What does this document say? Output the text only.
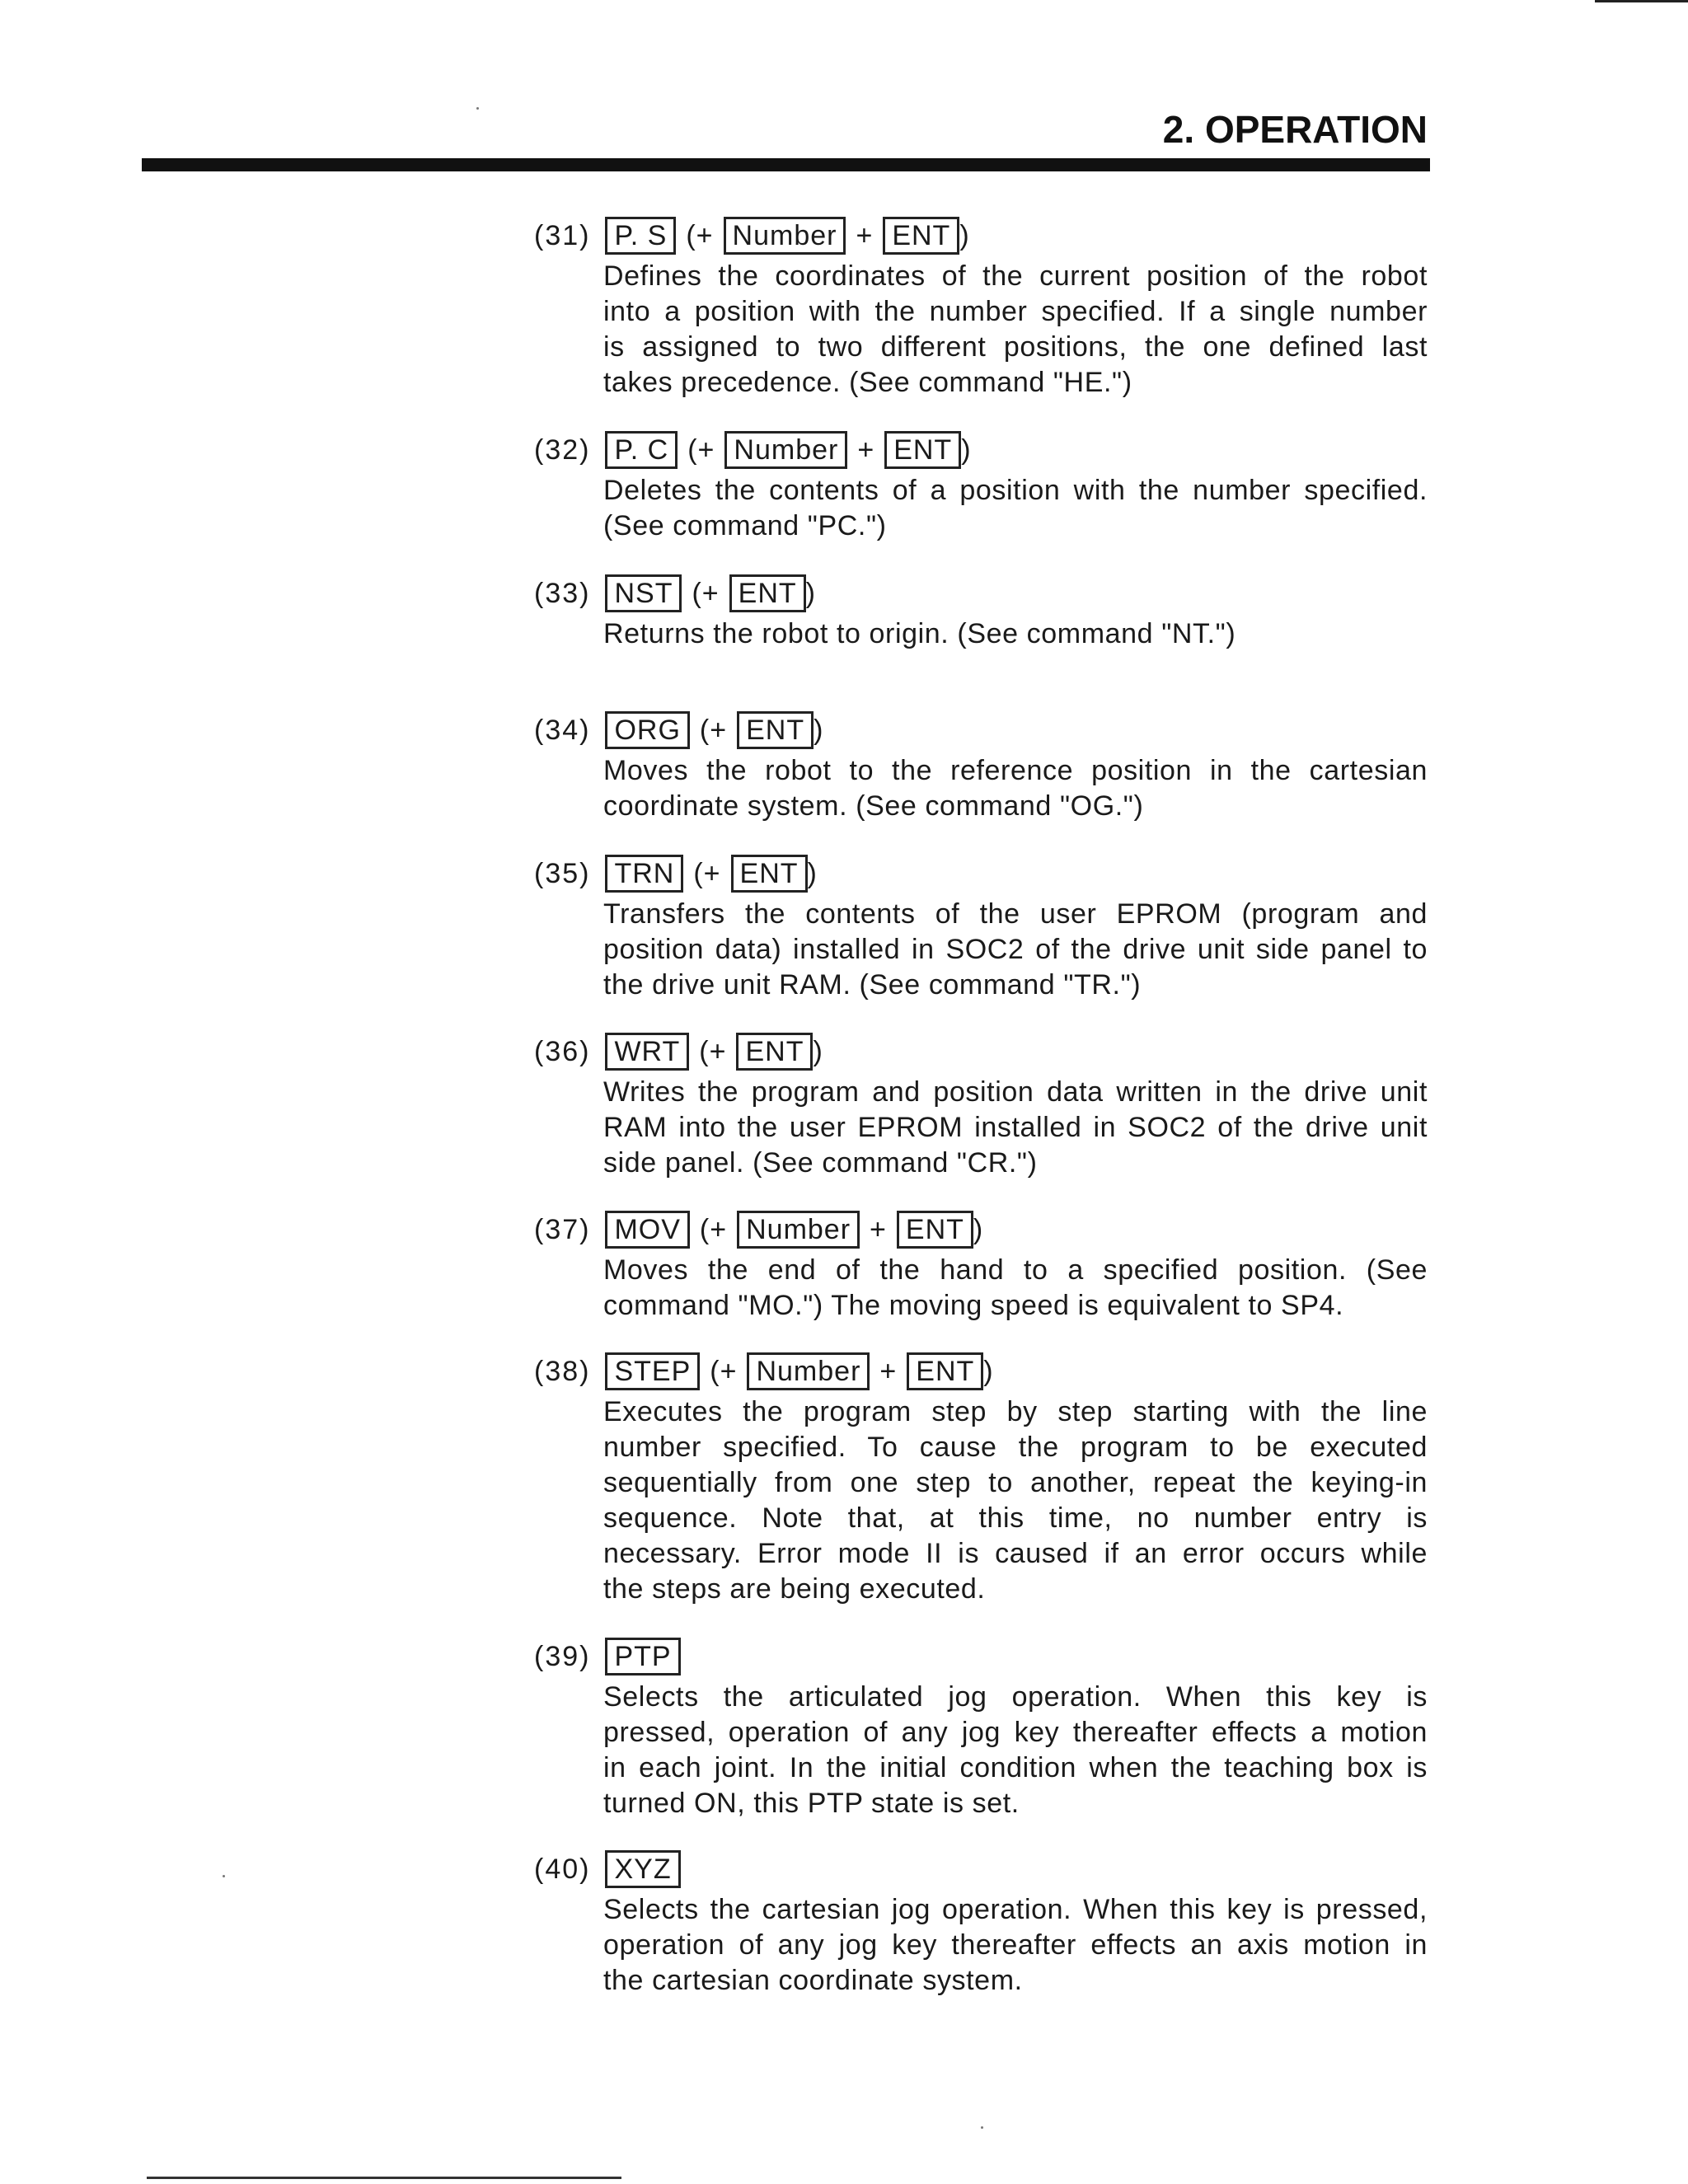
2. OPERATION
(31) P. S (+ Number + ENT )
Defines the coordinates of the current position of the robot
into a position with the number specified. If a single number
is assigned to two different positions, the one defined last
takes precedence. (See command "HE.")
(32) P. C (+ Number + ENT )
Deletes the contents of a position with the number specified.
(See command "PC.")
(33) NST (+ ENT )
Returns the robot to origin. (See command "NT.")
(34) ORG (+ ENT )
Moves the robot to the reference position in the cartesian
coordinate system. (See command "OG.")
(35) TRN (+ ENT )
Transfers the contents of the user EPROM (program and
position data) installed in SOC2 of the drive unit side panel to
the drive unit RAM. (See command "TR.")
(36) WRT (+ ENT )
Writes the program and position data written in the drive unit
RAM into the user EPROM installed in SOC2 of the drive unit
side panel. (See command "CR.")
(37) MOV (+ Number + ENT )
Moves the end of the hand to a specified position. (See
command "MO.") The moving speed is equivalent to SP4.
(38) STEP (+ Number + ENT )
Executes the program step by step starting with the line
number specified. To cause the program to be executed
sequentially from one step to another, repeat the keying-in
sequence. Note that, at this time, no number entry is
necessary. Error mode II is caused if an error occurs while
the steps are being executed.
(39) PTP
Selects the articulated jog operation. When this key is
pressed, operation of any jog key thereafter effects a motion
in each joint. In the initial condition when the teaching box is
turned ON, this PTP state is set.
(40) XYZ
Selects the cartesian jog operation. When this key is pressed,
operation of any jog key thereafter effects an axis motion in
the cartesian coordinate system.
